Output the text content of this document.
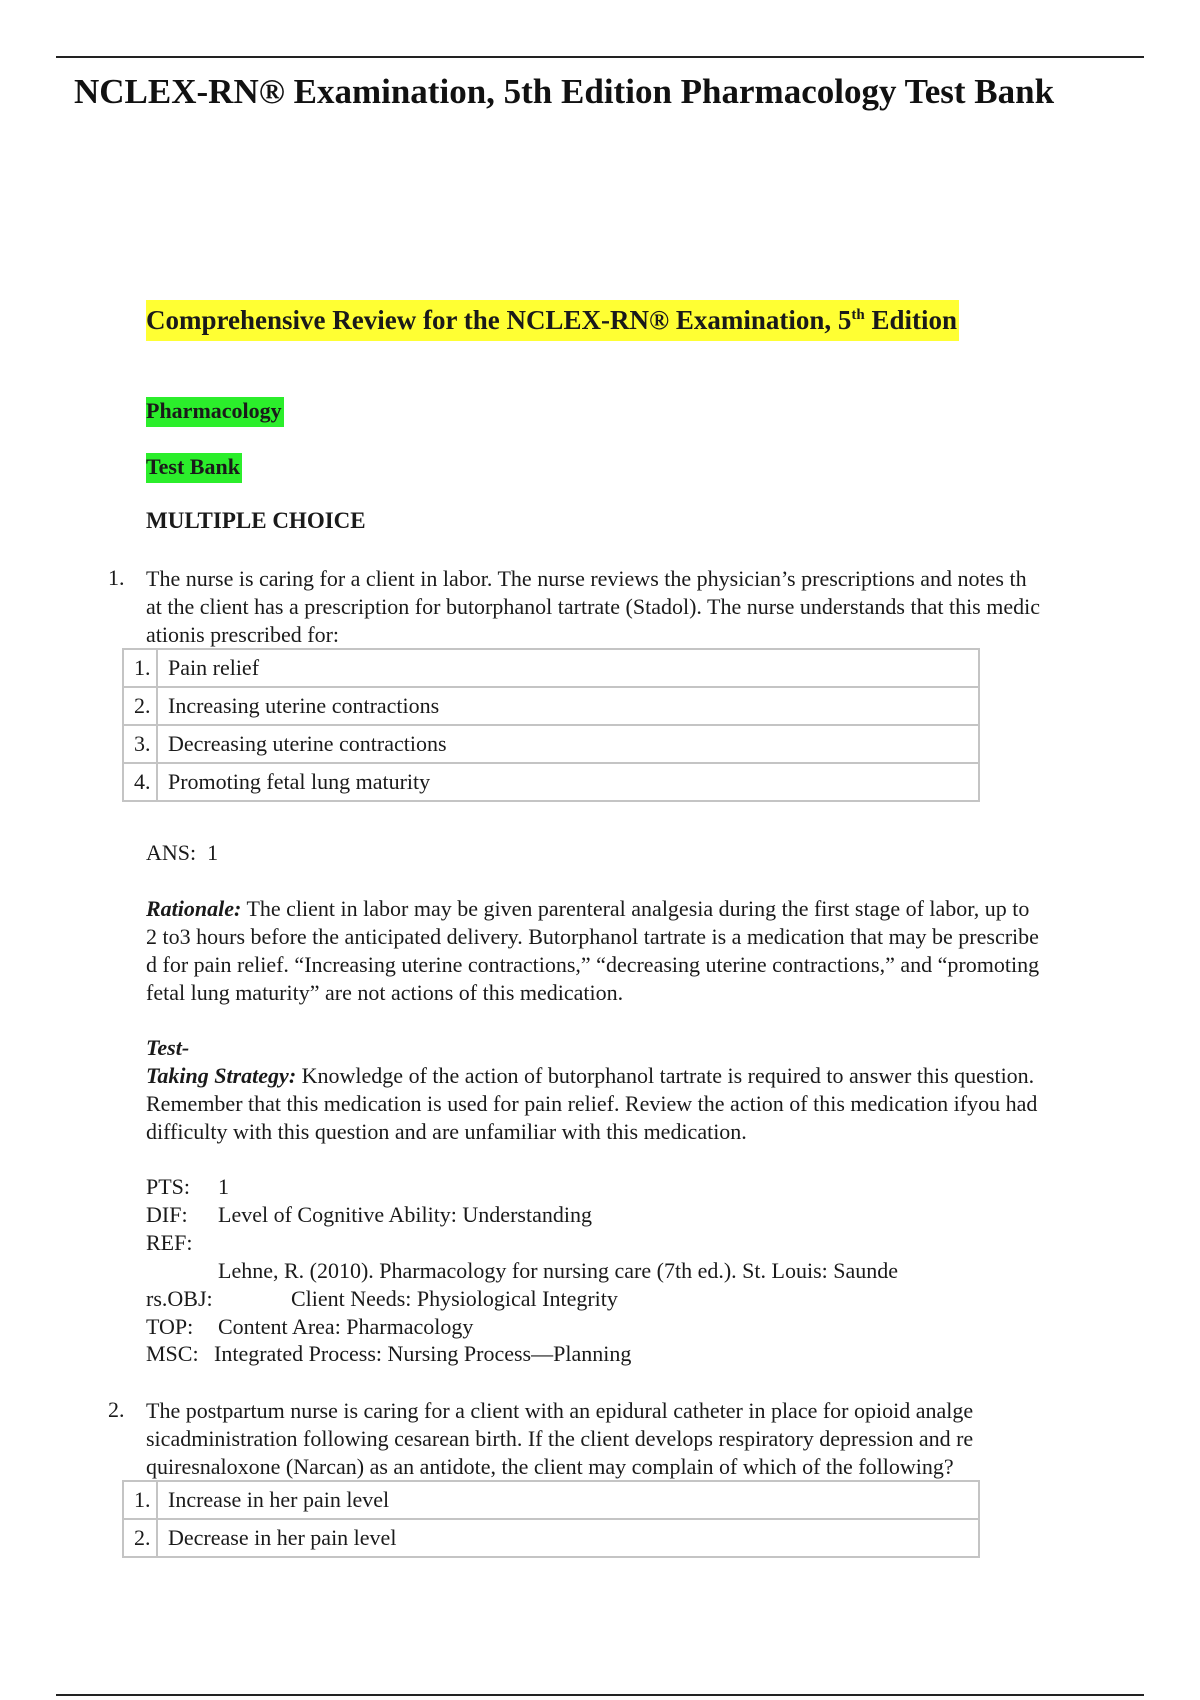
NCLEX-RN® Examination, 5th Edition Pharmacology Test Bank
Comprehensive Review for the NCLEX-RN® Examination, 5th Edition
Pharmacology
Test Bank
MULTIPLE CHOICE
1. The nurse is caring for a client in labor. The nurse reviews the physician’s prescriptions and notes th
at the client has a prescription for butorphanol tartrate (Stadol). The nurse understands that this medic
ationis prescribed for:
1.	Pain relief
2.	Increasing uterine contractions
3.	Decreasing uterine contractions
4.	Promoting fetal lung maturity
ANS:  1
Rationale: The client in labor may be given parenteral analgesia during the first stage of labor, up to
2 to3 hours before the anticipated delivery. Butorphanol tartrate is a medication that may be prescribe
d for pain relief. “Increasing uterine contractions,” “decreasing uterine contractions,” and “promoting
fetal lung maturity” are not actions of this medication.
Test-
Taking Strategy: Knowledge of the action of butorphanol tartrate is required to answer this question.
Remember that this medication is used for pain relief. Review the action of this medication ifyou had
difficulty with this question and are unfamiliar with this medication.
PTS: 1
DIF: Level of Cognitive Ability: Understanding
REF:
Lehne, R. (2010). Pharmacology for nursing care (7th ed.). St. Louis: Saunde
rs.OBJ:	Client Needs: Physiological Integrity
TOP: Content Area: Pharmacology
MSC: Integrated Process: Nursing Process—Planning
2. The postpartum nurse is caring for a client with an epidural catheter in place for opioid analge
sicadministration following cesarean birth. If the client develops respiratory depression and re
quiresnaloxone (Narcan) as an antidote, the client may complain of which of the following?
1.	Increase in her pain level
2.	Decrease in her pain level
